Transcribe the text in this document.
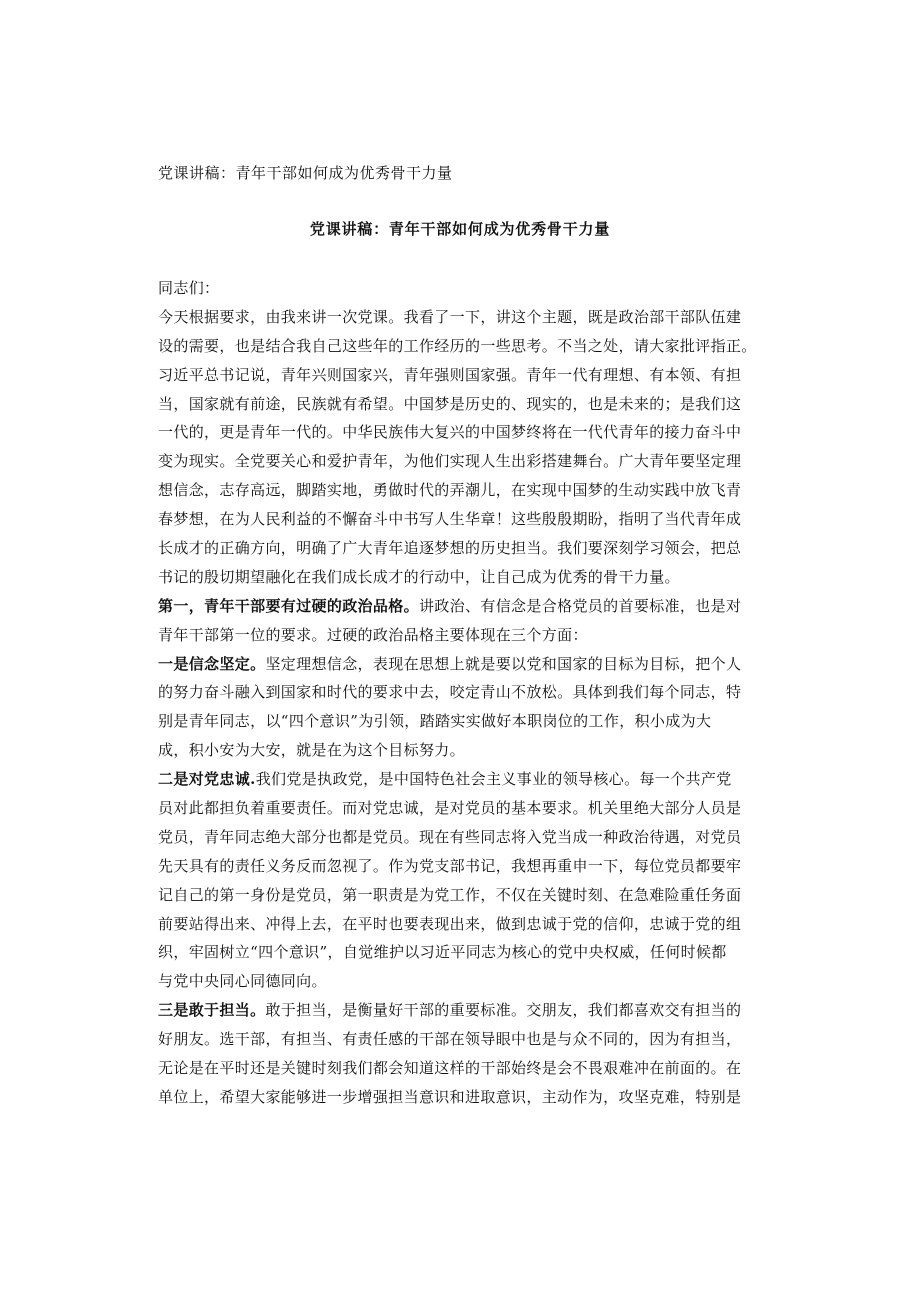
党课讲稿：青年干部如何成为优秀骨干力量
党课讲稿：青年干部如何成为优秀骨干力量
同志们：
今天根据要求，由我来讲一次党课。我看了一下，讲这个主题，既是政治部干部队伍建
设的需要，也是结合我自己这些年的工作经历的一些思考。不当之处，请大家批评指正。
习近平总书记说，青年兴则国家兴，青年强则国家强。青年一代有理想、有本领、有担
当，国家就有前途，民族就有希望。中国梦是历史的、现实的，也是未来的；是我们这
一代的，更是青年一代的。中华民族伟大复兴的中国梦终将在一代代青年的接力奋斗中
变为现实。全党要关心和爱护青年，为他们实现人生出彩搭建舞台。广大青年要坚定理
想信念，志存高远，脚踏实地，勇做时代的弄潮儿，在实现中国梦的生动实践中放飞青
春梦想，在为人民利益的不懈奋斗中书写人生华章！这些殷殷期盼，指明了当代青年成
长成才的正确方向，明确了广大青年追逐梦想的历史担当。我们要深刻学习领会，把总
书记的殷切期望融化在我们成长成才的行动中，让自己成为优秀的骨干力量。
第一，青年干部要有过硬的政治品格。讲政治、有信念是合格党员的首要标准，也是对
青年干部第一位的要求。过硬的政治品格主要体现在三个方面：
一是信念坚定。坚定理想信念，表现在思想上就是要以党和国家的目标为目标，把个人
的努力奋斗融入到国家和时代的要求中去，咬定青山不放松。具体到我们每个同志，特
别是青年同志，以“四个意识”为引领，踏踏实实做好本职岗位的工作，积小成为大
成，积小安为大安，就是在为这个目标努力。
二是对党忠诚.我们党是执政党，是中国特色社会主义事业的领导核心。每一个共产党
员对此都担负着重要责任。而对党忠诚，是对党员的基本要求。机关里绝大部分人员是
党员，青年同志绝大部分也都是党员。现在有些同志将入党当成一种政治待遇，对党员
先天具有的责任义务反而忽视了。作为党支部书记，我想再重申一下，每位党员都要牢
记自己的第一身份是党员，第一职责是为党工作，不仅在关键时刻、在急难险重任务面
前要站得出来、冲得上去，在平时也要表现出来，做到忠诚于党的信仰，忠诚于党的组
织，牢固树立“四个意识”，自觉维护以习近平同志为核心的党中央权威，任何时候都
与党中央同心同德同向。
三是敢于担当。敢于担当，是衡量好干部的重要标准。交朋友，我们都喜欢交有担当的
好朋友。选干部，有担当、有责任感的干部在领导眼中也是与众不同的，因为有担当，
无论是在平时还是关键时刻我们都会知道这样的干部始终是会不畏艰难冲在前面的。在
单位上，希望大家能够进一步增强担当意识和进取意识，主动作为，攻坚克难，特别是
